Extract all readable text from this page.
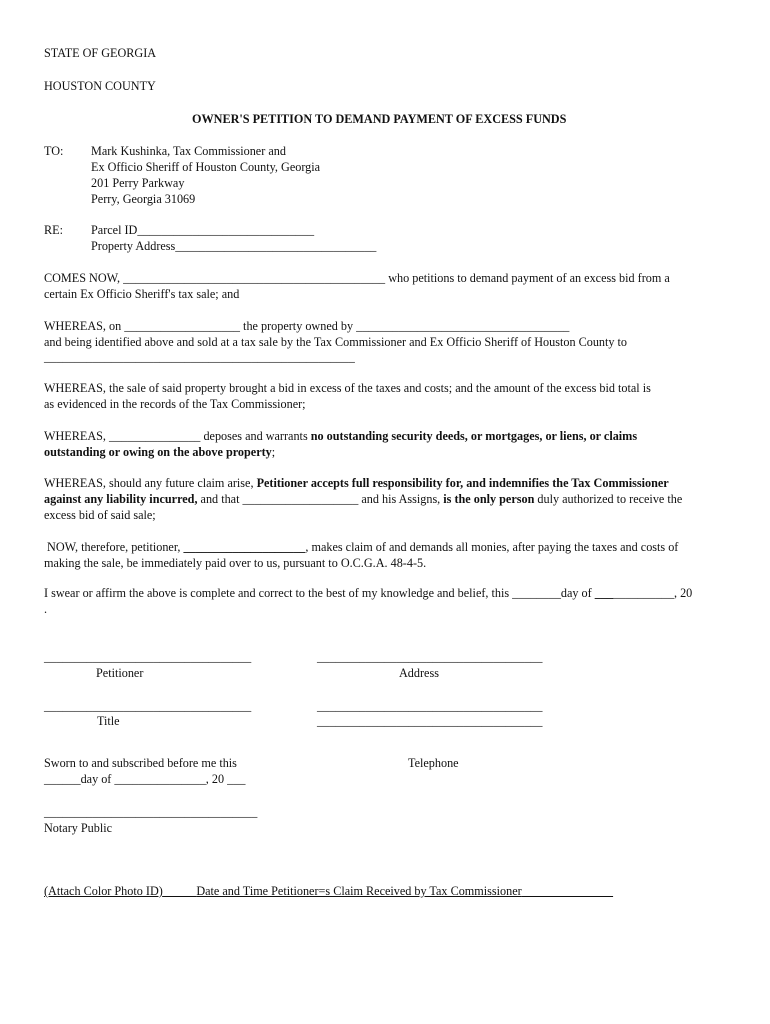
STATE OF GEORGIA
HOUSTON COUNTY
OWNER'S PETITION TO DEMAND PAYMENT OF EXCESS FUNDS
TO: Mark Kushinka, Tax Commissioner and
Ex Officio Sheriff of Houston County, Georgia
201 Perry Parkway
Perry, Georgia 31069
RE: Parcel ID_____________________________
Property Address_________________________________
COMES NOW, ___________________________________________ who petitions to demand payment of an excess bid from a
certain Ex Officio Sheriff's tax sale; and
WHEREAS, on ___________________ the property owned by ___________________________________
and being identified above and sold at a tax sale by the Tax Commissioner and Ex Officio Sheriff of Houston County to
___________________________________________________
WHEREAS, the sale of said property brought a bid in excess of the taxes and costs; and the amount of the excess bid total is
as evidenced in the records of the Tax Commissioner;
WHEREAS, _______________ deposes and warrants no outstanding security deeds, or mortgages, or liens, or claims
outstanding or owing on the above property;
WHEREAS, should any future claim arise, Petitioner accepts full responsibility for, and indemnifies the Tax Commissioner
against any liability incurred, and that ___________________ and his Assigns, is the only person duly authorized to receive the
excess bid of said sale;
NOW, therefore, petitioner, ____________________, makes claim of and demands all monies, after paying the taxes and costs of
making the sale, be immediately paid over to us, pursuant to O.C.G.A. 48-4-5.
I swear or affirm the above is complete and correct to the best of my knowledge and belief, this ________day of _____________, 20
.
__________________________________
Petitioner
_____________________________________
Address
__________________________________
Title
_____________________________________
_____________________________________
Sworn to and subscribed before me this
______day of _______________, 20 ___
Telephone
___________________________________
Notary Public
(Attach Color Photo ID)	Date and Time Petitioner=s Claim Received by Tax Commissioner
